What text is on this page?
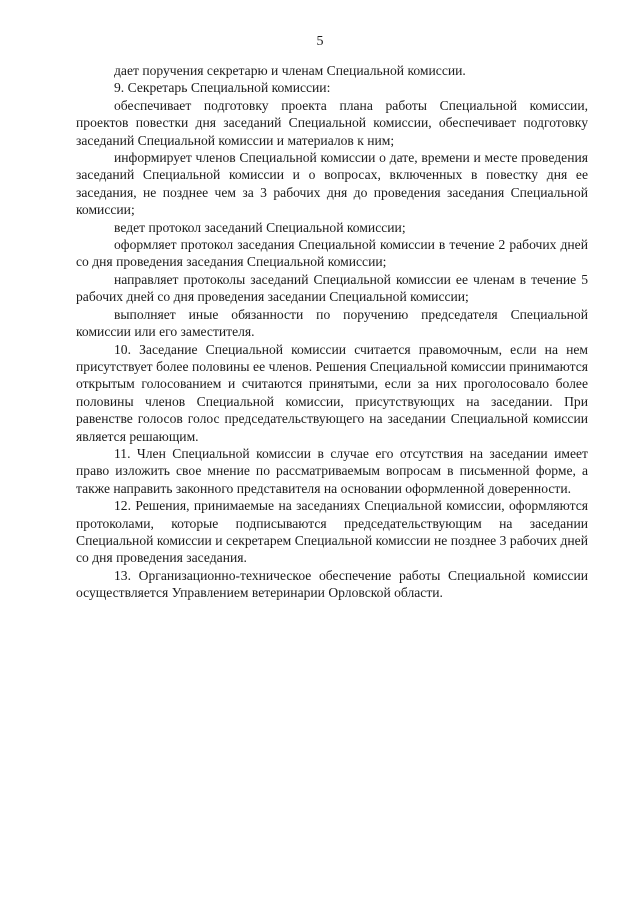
5

дает поручения секретарю и членам Специальной комиссии.

9. Секретарь Специальной комиссии:

обеспечивает подготовку проекта плана работы Специальной комиссии, проектов повестки дня заседаний Специальной комиссии, обеспечивает подготовку заседаний Специальной комиссии и материалов к ним;

информирует членов Специальной комиссии о дате, времени и месте проведения заседаний Специальной комиссии и о вопросах, включенных в повестку дня ее заседания, не позднее чем за 3 рабочих дня до проведения заседания Специальной комиссии;

ведет протокол заседаний Специальной комиссии;

оформляет протокол заседания Специальной комиссии в течение 2 рабочих дней со дня проведения заседания Специальной комиссии;

направляет протоколы заседаний Специальной комиссии ее членам в течение 5 рабочих дней со дня проведения заседании Специальной комиссии;

выполняет иные обязанности по поручению председателя Специальной комиссии или его заместителя.

10. Заседание Специальной комиссии считается правомочным, если на нем присутствует более половины ее членов. Решения Специальной комиссии принимаются открытым голосованием и считаются принятыми, если за них проголосовало более половины членов Специальной комиссии, присутствующих на заседании. При равенстве голосов голос председательствующего на заседании Специальной комиссии является решающим.

11. Член Специальной комиссии в случае его отсутствия на заседании имеет право изложить свое мнение по рассматриваемым вопросам в письменной форме, а также направить законного представителя на основании оформленной доверенности.

12. Решения, принимаемые на заседаниях Специальной комиссии, оформляются протоколами, которые подписываются председательствующим на заседании Специальной комиссии и секретарем Специальной комиссии не позднее 3 рабочих дней со дня проведения заседания.

13. Организационно-техническое обеспечение работы Специальной комиссии осуществляется Управлением ветеринарии Орловской области.
